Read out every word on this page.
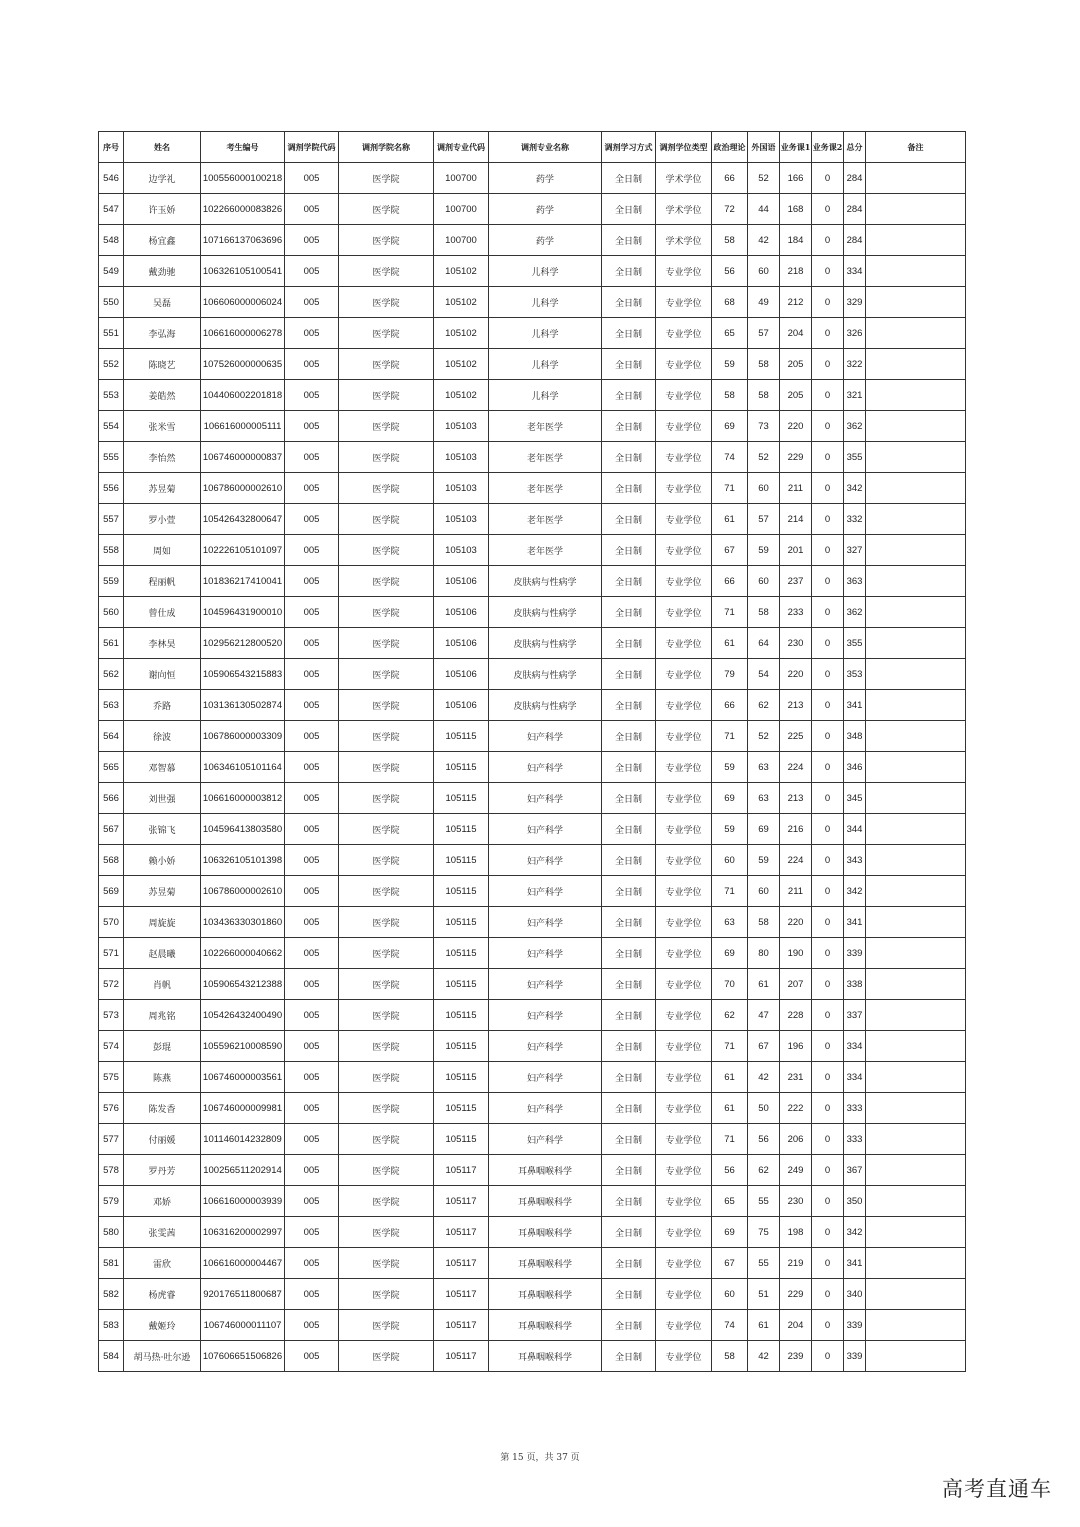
序号	姓名	考生编号	调剂学院代码	调剂学院名称	调剂专业代码	调剂专业名称	调剂学习方式	调剂学位类型	政治理论	外国语	业务课1	业务课2	总分	备注
546	边学礼	100556000100218	005	医学院	100700	药学	全日制	学术学位	66	52	166	0	284	
547	许玉娇	102266000083826	005	医学院	100700	药学	全日制	学术学位	72	44	168	0	284	
548	杨宜鑫	107166137063696	005	医学院	100700	药学	全日制	学术学位	58	42	184	0	284	
549	戴劲驰	106326105100541	005	医学院	105102	儿科学	全日制	专业学位	56	60	218	0	334	
550	吴磊	106606000006024	005	医学院	105102	儿科学	全日制	专业学位	68	49	212	0	329	
551	李弘海	106616000006278	005	医学院	105102	儿科学	全日制	专业学位	65	57	204	0	326	
552	陈晓艺	107526000000635	005	医学院	105102	儿科学	全日制	专业学位	59	58	205	0	322	
553	姜皓然	104406002201818	005	医学院	105102	儿科学	全日制	专业学位	58	58	205	0	321	
554	张米雪	106616000005111	005	医学院	105103	老年医学	全日制	专业学位	69	73	220	0	362	
555	李怡然	106746000000837	005	医学院	105103	老年医学	全日制	专业学位	74	52	229	0	355	
556	苏昱菊	106786000002610	005	医学院	105103	老年医学	全日制	专业学位	71	60	211	0	342	
557	罗小萱	105426432800647	005	医学院	105103	老年医学	全日制	专业学位	61	57	214	0	332	
558	周如	102226105101097	005	医学院	105103	老年医学	全日制	专业学位	67	59	201	0	327	
559	程丽帆	101836217410041	005	医学院	105106	皮肤病与性病学	全日制	专业学位	66	60	237	0	363	
560	曾仕成	104596431900010	005	医学院	105106	皮肤病与性病学	全日制	专业学位	71	58	233	0	362	
561	李林昊	102956212800520	005	医学院	105106	皮肤病与性病学	全日制	专业学位	61	64	230	0	355	
562	谢向恒	105906543215883	005	医学院	105106	皮肤病与性病学	全日制	专业学位	79	54	220	0	353	
563	乔路	103136130502874	005	医学院	105106	皮肤病与性病学	全日制	专业学位	66	62	213	0	341	
564	徐波	106786000003309	005	医学院	105115	妇产科学	全日制	专业学位	71	52	225	0	348	
565	邓智慕	106346105101164	005	医学院	105115	妇产科学	全日制	专业学位	59	63	224	0	346	
566	刘世强	106616000003812	005	医学院	105115	妇产科学	全日制	专业学位	69	63	213	0	345	
567	张锦飞	104596413803580	005	医学院	105115	妇产科学	全日制	专业学位	59	69	216	0	344	
568	赖小娇	106326105101398	005	医学院	105115	妇产科学	全日制	专业学位	60	59	224	0	343	
569	苏昱菊	106786000002610	005	医学院	105115	妇产科学	全日制	专业学位	71	60	211	0	342	
570	周旋旋	103436330301860	005	医学院	105115	妇产科学	全日制	专业学位	63	58	220	0	341	
571	赵晨曦	102266000040662	005	医学院	105115	妇产科学	全日制	专业学位	69	80	190	0	339	
572	肖帆	105906543212388	005	医学院	105115	妇产科学	全日制	专业学位	70	61	207	0	338	
573	周兆铭	105426432400490	005	医学院	105115	妇产科学	全日制	专业学位	62	47	228	0	337	
574	彭琨	105596210008590	005	医学院	105115	妇产科学	全日制	专业学位	71	67	196	0	334	
575	陈燕	106746000003561	005	医学院	105115	妇产科学	全日制	专业学位	61	42	231	0	334	
576	陈发香	106746000009981	005	医学院	105115	妇产科学	全日制	专业学位	61	50	222	0	333	
577	付丽媛	101146014232809	005	医学院	105115	妇产科学	全日制	专业学位	71	56	206	0	333	
578	罗丹芳	100256511202914	005	医学院	105117	耳鼻咽喉科学	全日制	专业学位	56	62	249	0	367	
579	邓娇	106616000003939	005	医学院	105117	耳鼻咽喉科学	全日制	专业学位	65	55	230	0	350	
580	张雯茜	106316200002997	005	医学院	105117	耳鼻咽喉科学	全日制	专业学位	69	75	198	0	342	
581	雷欣	106616000004467	005	医学院	105117	耳鼻咽喉科学	全日制	专业学位	67	55	219	0	341	
582	杨虎睿	920176511800687	005	医学院	105117	耳鼻咽喉科学	全日制	专业学位	60	51	229	0	340	
583	戴姬玲	106746000011107	005	医学院	105117	耳鼻咽喉科学	全日制	专业学位	74	61	204	0	339	
584	胡马热·吐尔逊	107606651506826	005	医学院	105117	耳鼻咽喉科学	全日制	专业学位	58	42	239	0	339	
第 15 页，共 37 页
高考直通车
